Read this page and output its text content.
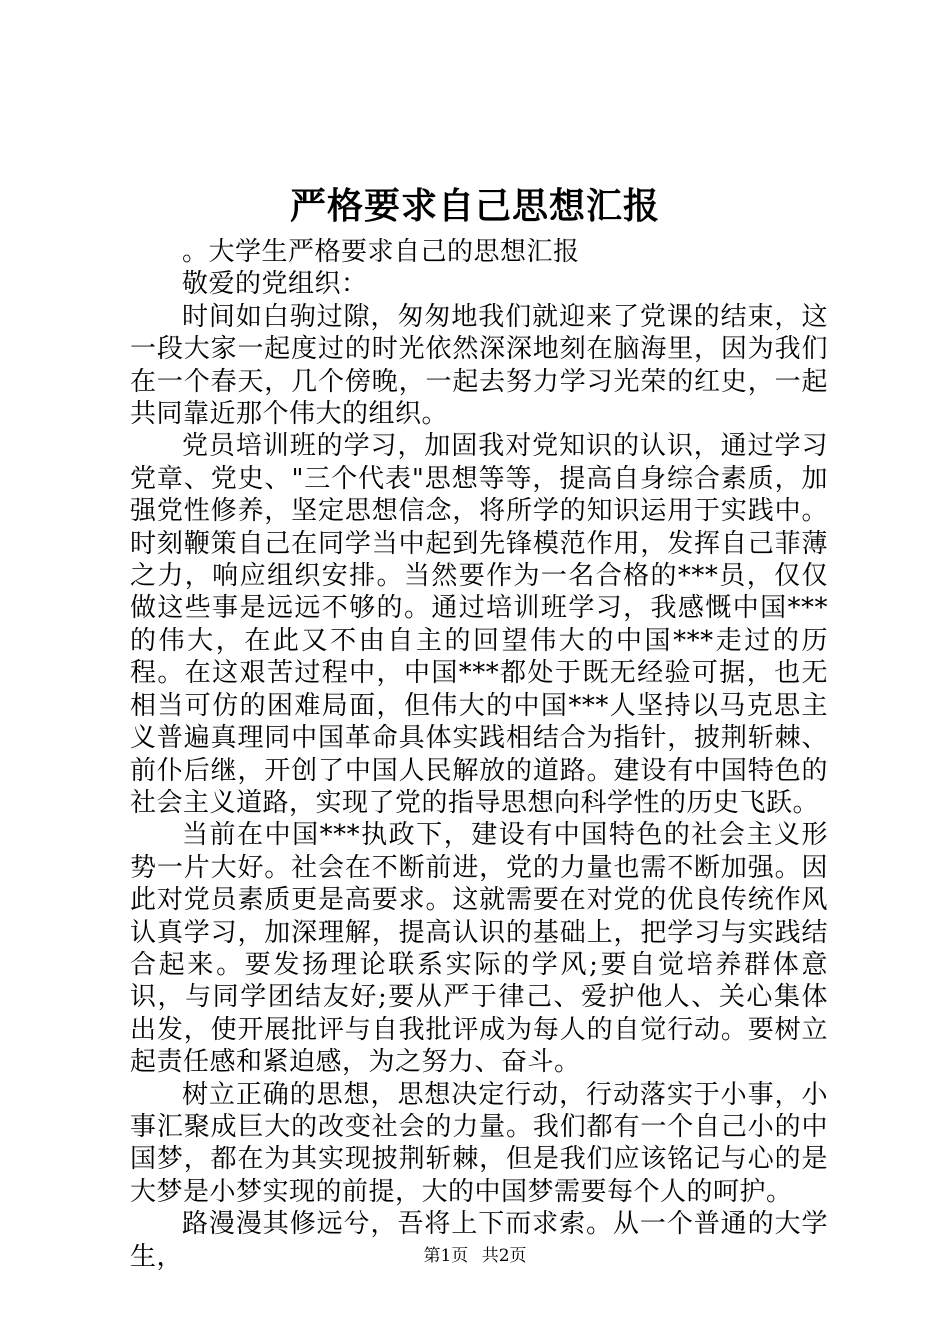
严格要求自己思想汇报

。大学生严格要求自己的思想汇报

敬爱的党组织：

时间如白驹过隙，匆匆地我们就迎来了党课的结束，这一段大家一起度过的时光依然深深地刻在脑海里，因为我们在一个春天，几个傍晚，一起去努力学习光荣的红史，一起共同靠近那个伟大的组织。

党员培训班的学习，加固我对党知识的认识，通过学习党章、党史、"三个代表"思想等等，提高自身综合素质，加强党性修养，坚定思想信念，将所学的知识运用于实践中。时刻鞭策自己在同学当中起到先锋模范作用，发挥自己菲薄之力，响应组织安排。当然要作为一名合格的***员，仅仅做这些事是远远不够的。通过培训班学习，我感慨中国***的伟大，在此又不由自主的回望伟大的中国***走过的历程。在这艰苦过程中，中国***都处于既无经验可据，也无相当可仿的困难局面，但伟大的中国***人坚持以马克思主义普遍真理同中国革命具体实践相结合为指针，披荆斩棘、前仆后继，开创了中国人民解放的道路。建设有中国特色的社会主义道路，实现了党的指导思想向科学性的历史飞跃。

当前在中国***执政下，建设有中国特色的社会主义形势一片大好。社会在不断前进，党的力量也需不断加强。因此对党员素质更是高要求。这就需要在对党的优良传统作风认真学习，加深理解，提高认识的基础上，把学习与实践结合起来。要发扬理论联系实际的学风;要自觉培养群体意识，与同学团结友好;要从严于律己、爱护他人、关心集体出发，使开展批评与自我批评成为每人的自觉行动。要树立起责任感和紧迫感，为之努力、奋斗。

树立正确的思想，思想决定行动，行动落实于小事，小事汇聚成巨大的改变社会的力量。我们都有一个自己小的中国梦，都在为其实现披荆斩棘，但是我们应该铭记与心的是大梦是小梦实现的前提，大的中国梦需要每个人的呵护。

路漫漫其修远兮，吾将上下而求索。从一个普通的大学生，	第1页 共2页
